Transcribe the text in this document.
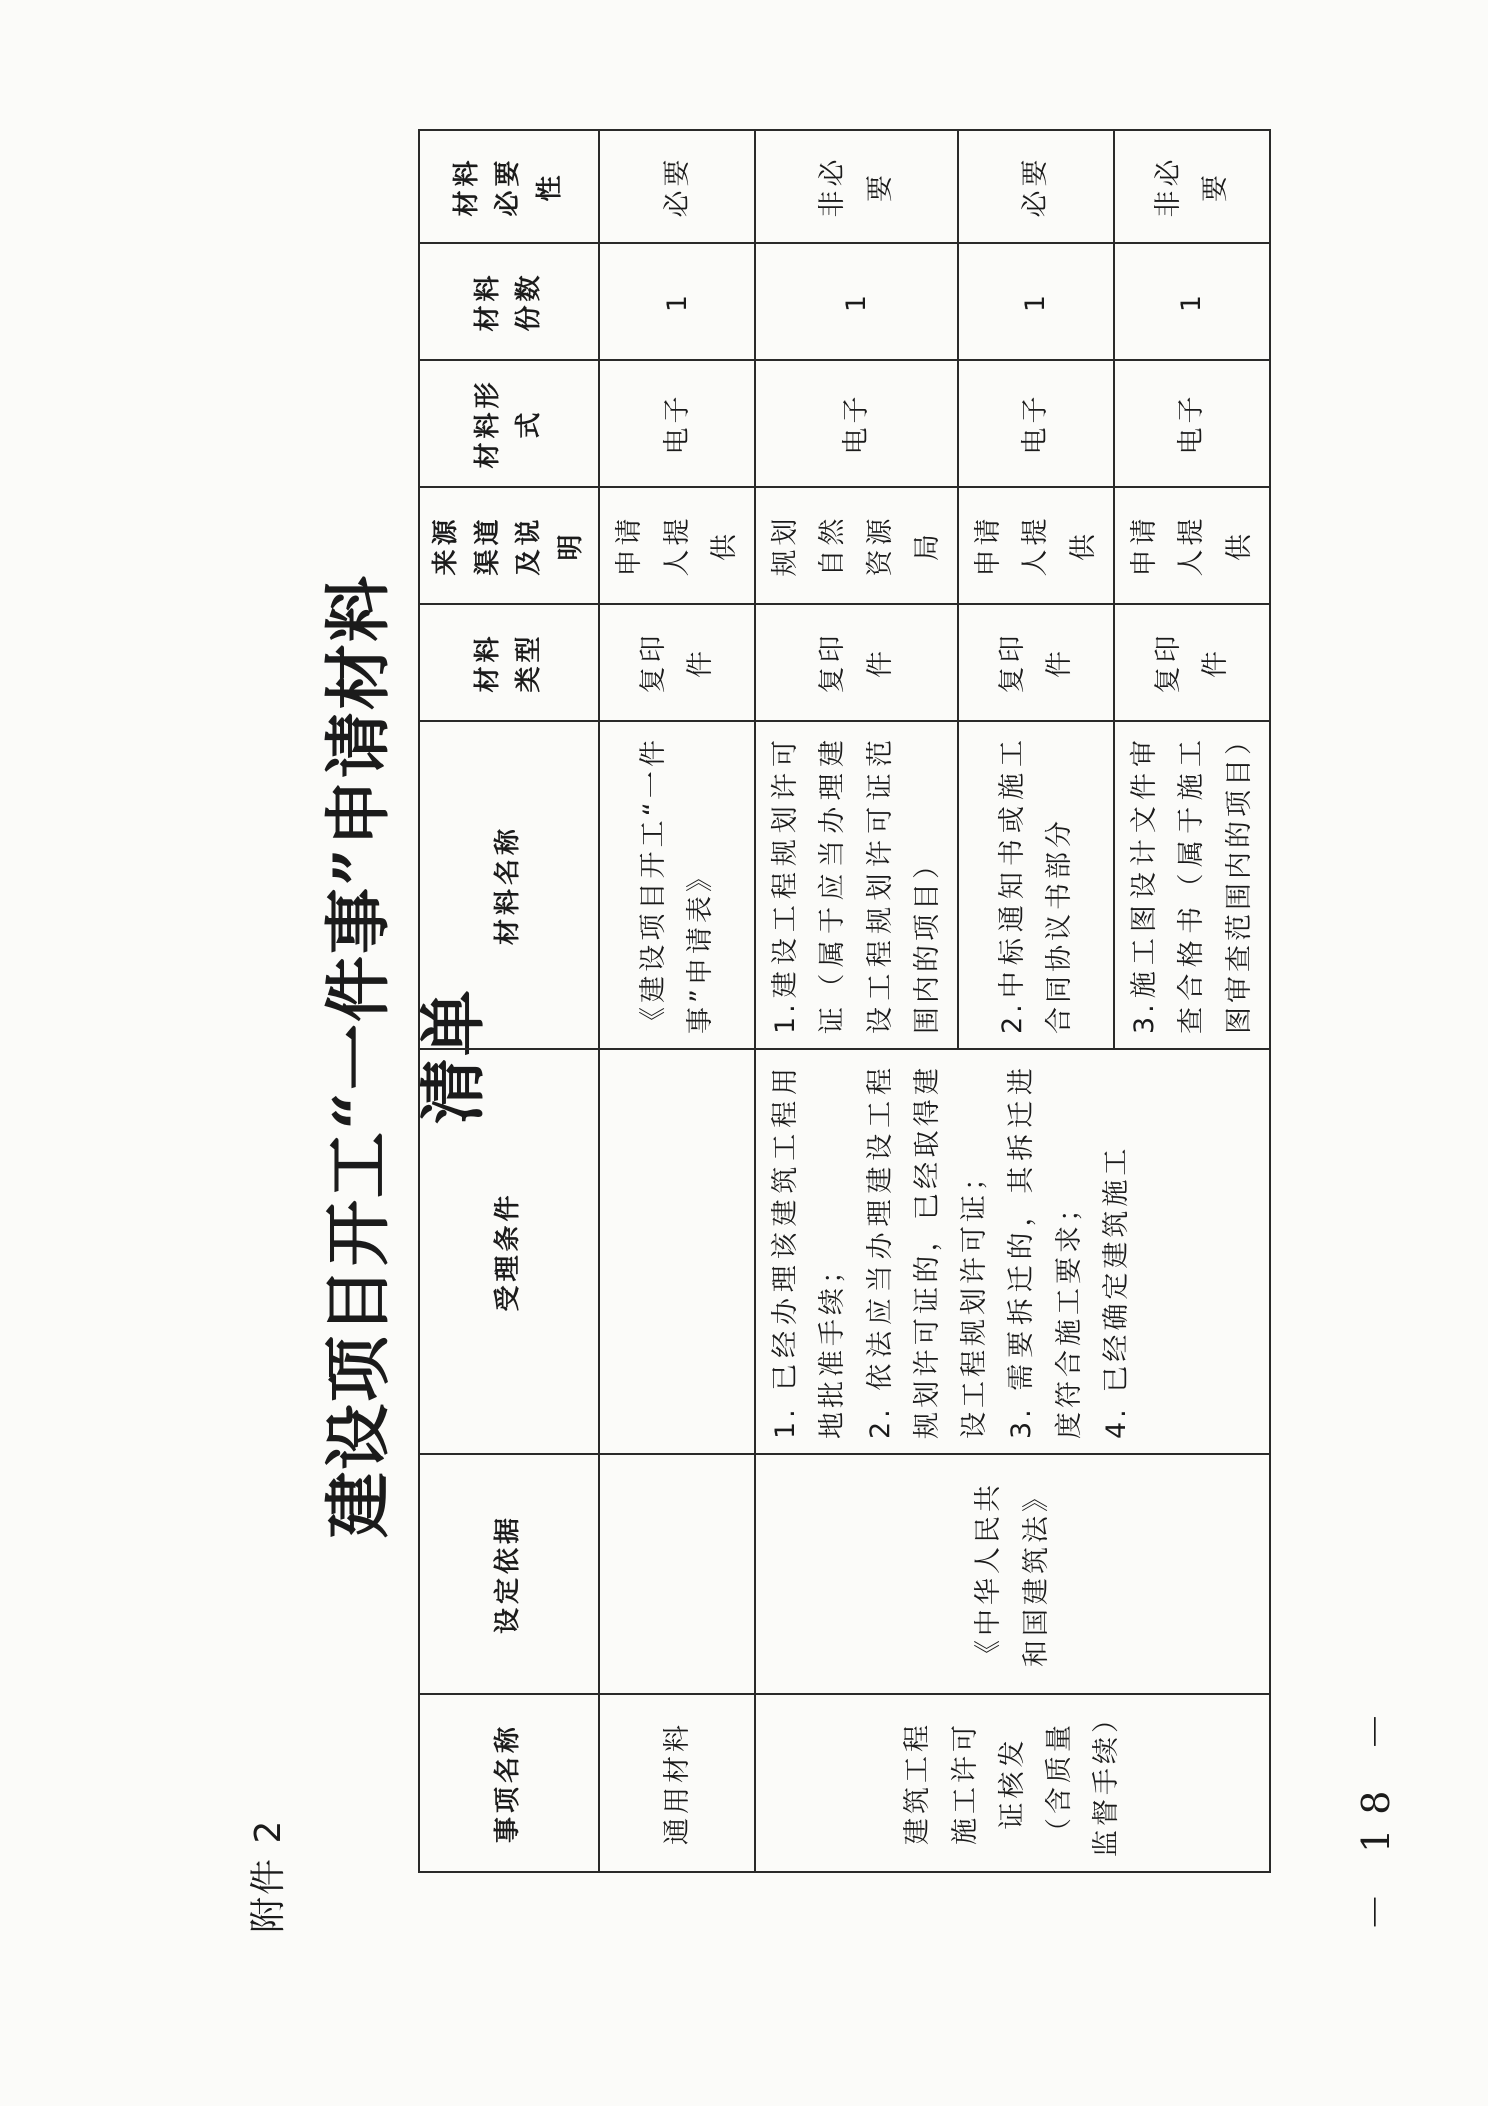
附件 2
建设项目开工“一件事”申请材料清单
事项名称	设定依据	受理条件	材料名称	材料类型	来源渠道及说明	材料形式	材料份数	材料必要性
通用材料			《建设项目开工“一件事”申请表》	复印件	申请人提供	电子	1	必要
建筑工程施工许可证核发（含质量监督手续）	《中华人民共和国建筑法》	1. 已经办理该建筑工程用地批准手续； 2. 依法应当办理建设工程规划许可证的，已经取得建设工程规划许可证； 3. 需要拆迁的，其拆迁进度符合施工要求； 4. 已经确定建筑施工	1.建设工程规划许可证（属于应当办理建设工程规划许可证范围内的项目）	复印件	规划自然资源局	电子	1	非必要
			2.中标通知书或施工合同协议书部分	复印件	申请人提供	电子	1	必要
			3.施工图设计文件审查合格书（属于施工图审查范围内的项目）	复印件	申请人提供	电子	1	非必要
－ 18 －
